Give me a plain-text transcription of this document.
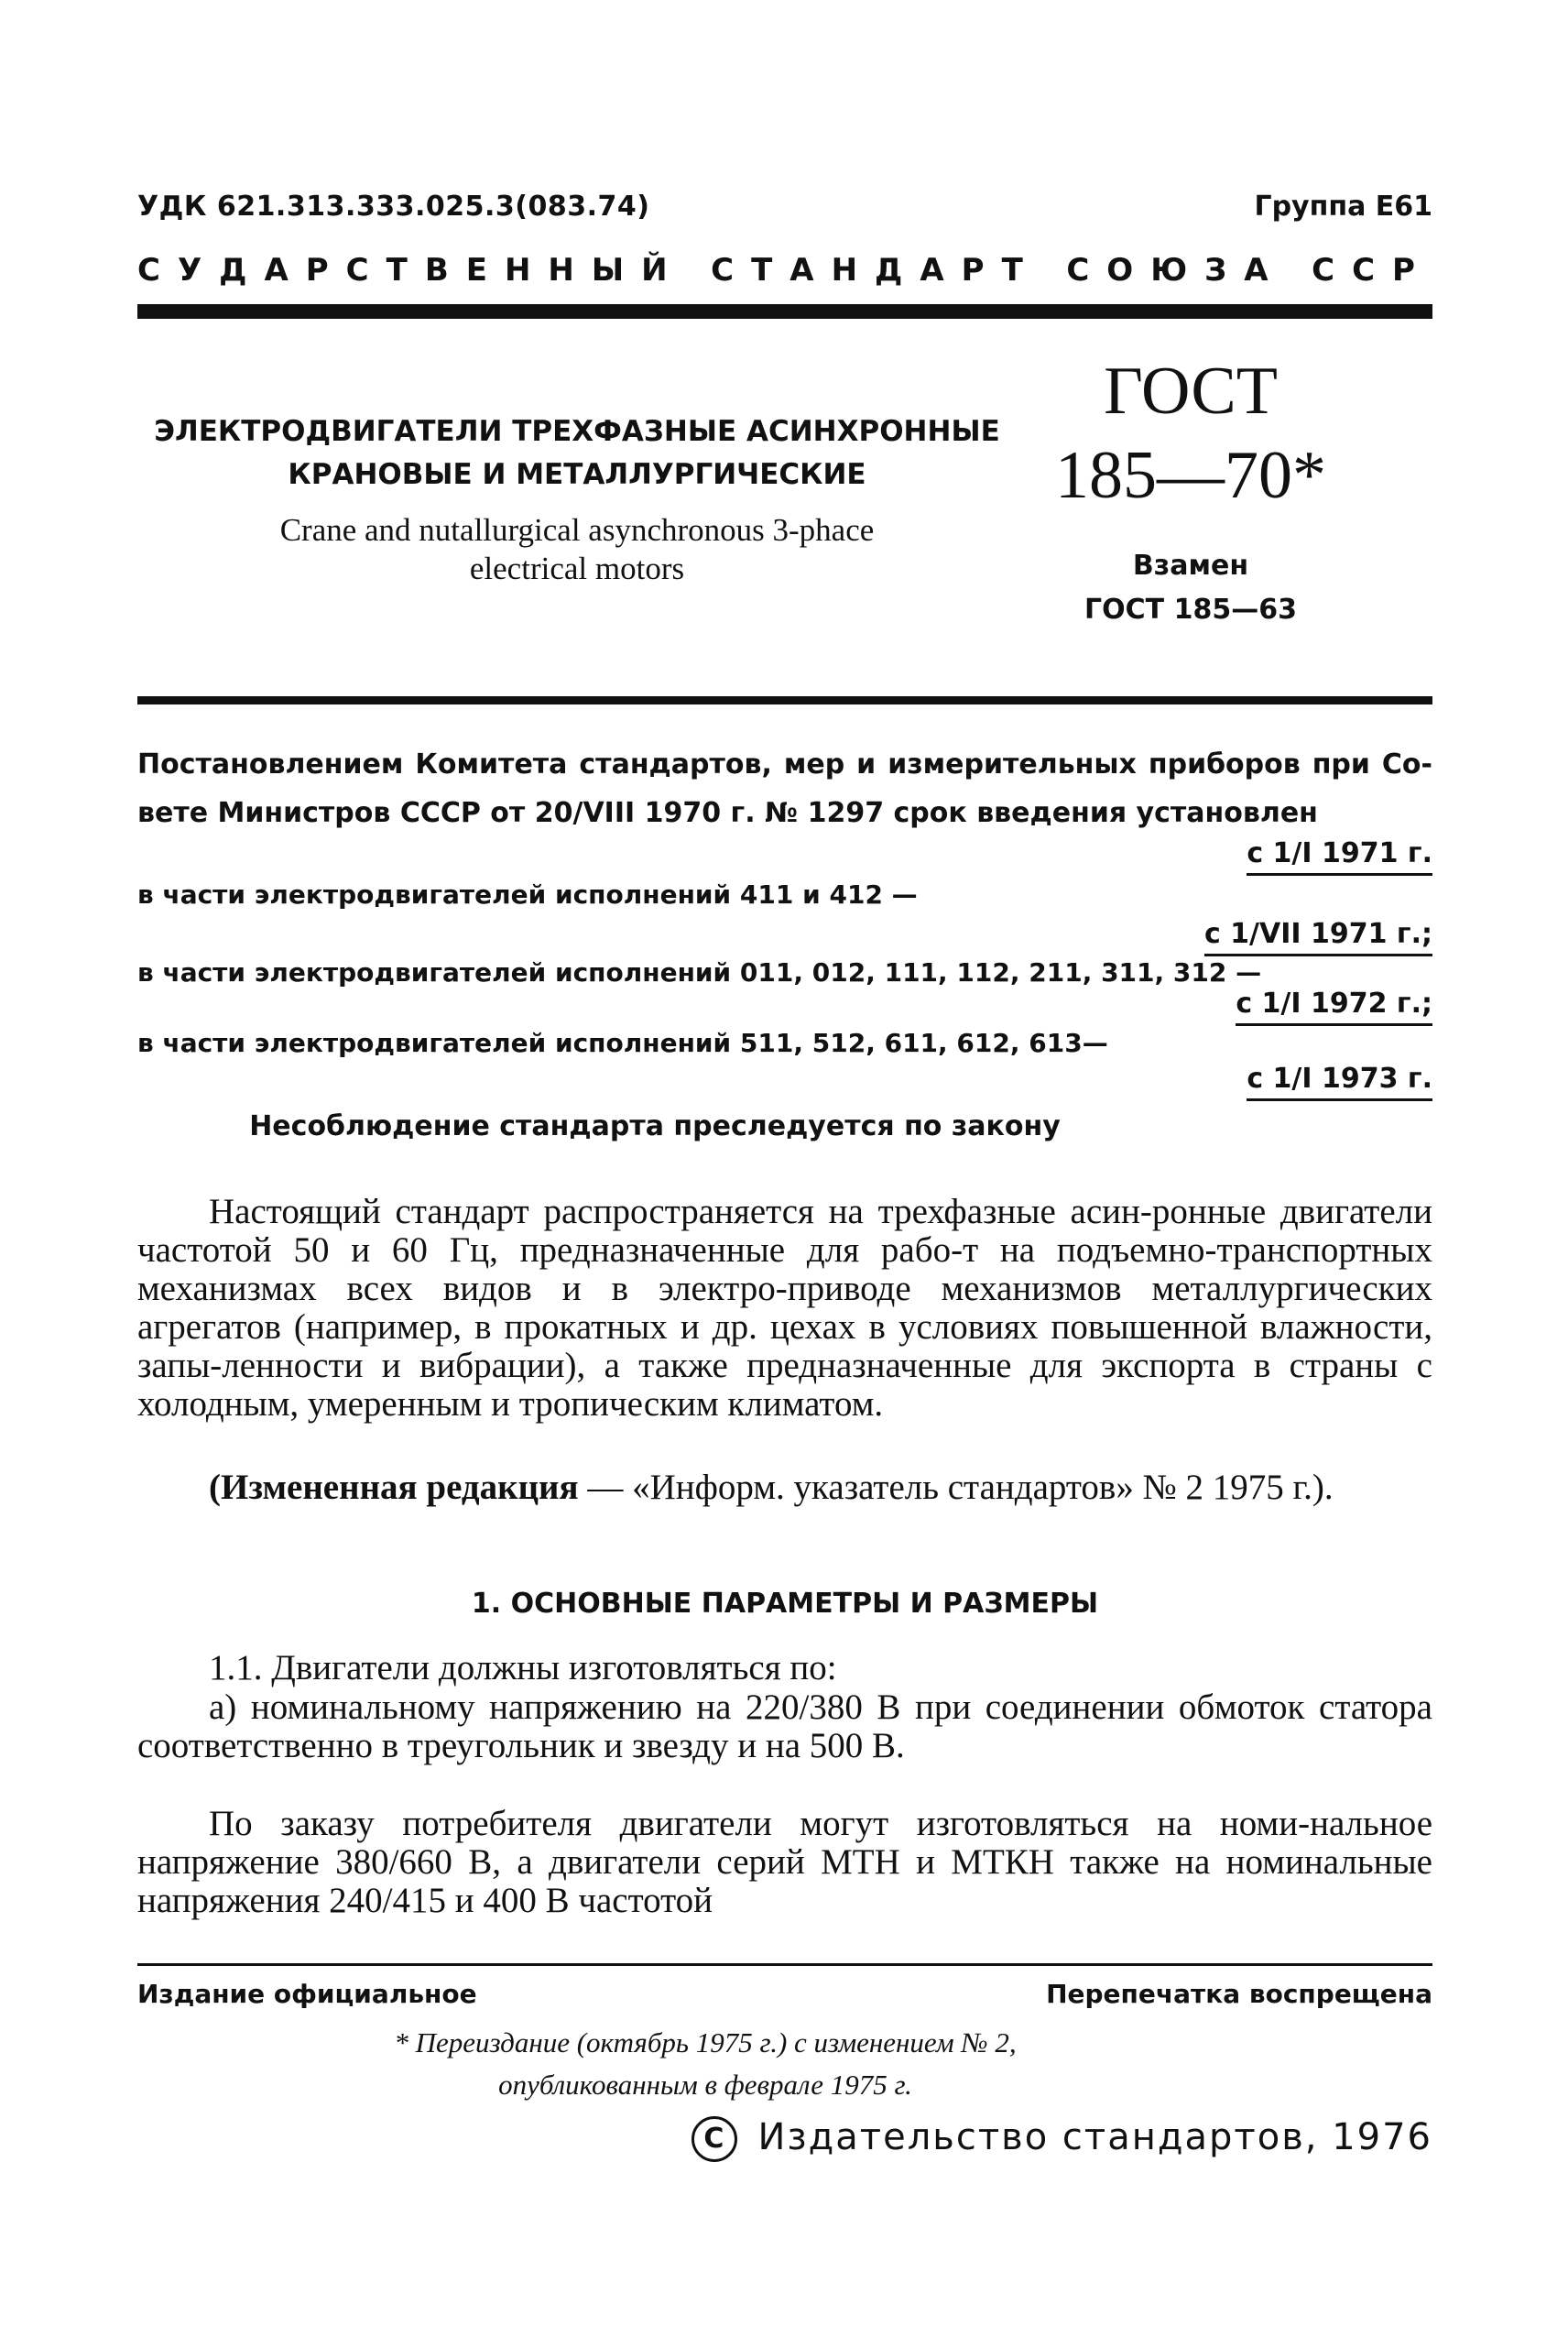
УДК 621.313.333.025.3(083.74)	Группа Е61
СУДАРСТВЕННЫЙ СТАНДАРТ СОЮЗА ССР
ЭЛЕКТРОДВИГАТЕЛИ ТРЕХФАЗНЫЕ АСИНХРОННЫЕ
КРАНОВЫЕ И МЕТАЛЛУРГИЧЕСКИЕ
Crane and nutallurgical asynchronous 3-phace
electrical motors
ГОСТ
185—70*
Взамен
ГОСТ 185—63
Постановлением Комитета стандартов, мер и измерительных приборов при Со-
вете Министров СССР от 20/VIII 1970 г. № 1297 срок введения установлен
с 1/I 1971 г.
в части электродвигателей исполнений 411 и 412 —
с 1/VII 1971 г.;
в части электродвигателей исполнений 011, 012, 111, 112, 211, 311, 312 —
с 1/I 1972 г.;
в части электродвигателей исполнений 511, 512, 611, 612, 613—
с 1/I 1973 г.
Несоблюдение стандарта преследуется по закону
Настоящий стандарт распространяется на трехфазные асин-ронные двигатели частотой 50 и 60 Гц, предназначенные для рабо-т на подъемно-транспортных механизмах всех видов и в электро-приводе механизмов металлургических агрегатов (например, в прокатных и др. цехах в условиях повышенной влажности, запы-ленности и вибрации), а также предназначенные для экспорта в страны с холодным, умеренным и тропическим климатом.
(Измененная редакция — «Информ. указатель стандартов» № 2 1975 г.).
1. ОСНОВНЫЕ ПАРАМЕТРЫ И РАЗМЕРЫ
1.1. Двигатели должны изготовляться по:
а) номинальному напряжению на 220/380 В при соединении обмоток статора соответственно в треугольник и звезду и на 500 В.
По заказу потребителя двигатели могут изготовляться на номи-нальное напряжение 380/660 В, а двигатели серий МТН и МТКН также на номинальные напряжения 240/415 и 400 В частотой
Издание официальное	Перепечатка воспрещена
* Переиздание (октябрь 1975 г.) с изменением № 2,
опубликованным в феврале 1975 г.
C Издательство стандартов, 1976
